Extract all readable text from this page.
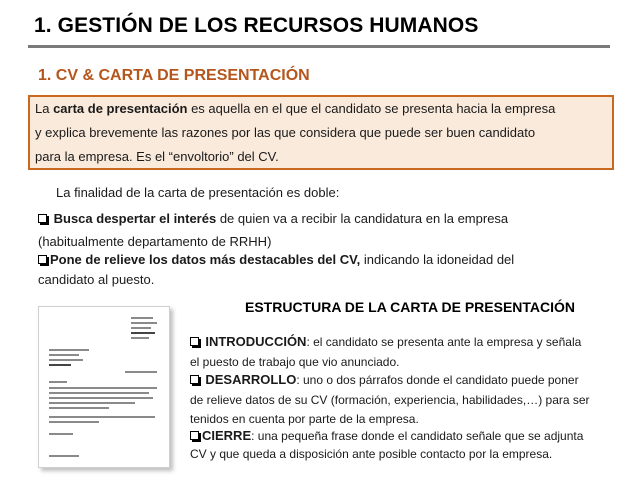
1. GESTIÓN DE LOS RECURSOS HUMANOS
1. CV & CARTA DE PRESENTACIÓN
La carta de presentación es aquella en el que el candidato se presenta hacia la empresa
y explica brevemente las razones por las que considera que puede ser buen candidato
para la empresa. Es el “envoltorio” del CV.
La finalidad de la carta de presentación es doble:
Busca despertar el interés de quien va a recibir la candidatura en la empresa
(habitualmente departamento de RRHH)
Pone de relieve los datos más destacables del CV, indicando la idoneidad del
candidato al puesto.
ESTRUCTURA DE LA CARTA DE PRESENTACIÓN
INTRODUCCIÓN: el candidato se presenta ante la empresa y señala
el puesto de trabajo que vio anunciado.
DESARROLLO: uno o dos párrafos donde el candidato puede poner
de relieve datos de su CV (formación, experiencia, habilidades,…) para ser
tenidos en cuenta por parte de la empresa.
CIERRE: una pequeña frase donde el candidato señale que se adjunta
CV y que queda a disposición ante posible contacto por la empresa.
